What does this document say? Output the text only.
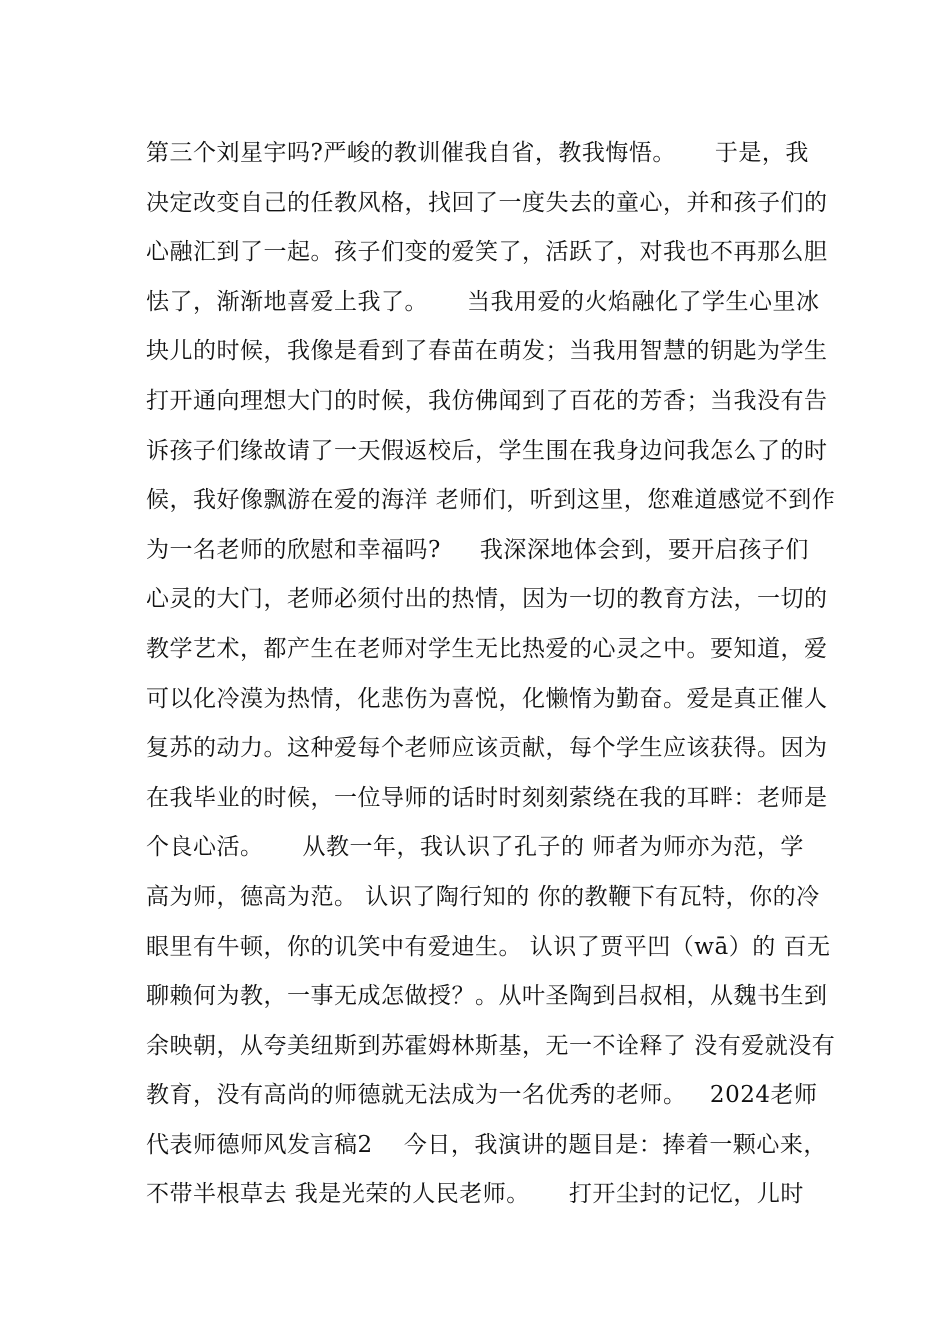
第三个刘星宇吗?严峻的教训催我自省，教我悔悟。     于是，我
决定改变自己的任教风格，找回了一度失去的童心，并和孩子们的
心融汇到了一起。孩子们变的爱笑了，活跃了，对我也不再那么胆
怯了，渐渐地喜爱上我了。     当我用爱的火焰融化了学生心里冰
块儿的时候，我像是看到了春苗在萌发；当我用智慧的钥匙为学生
打开通向理想大门的时候，我仿佛闻到了百花的芳香；当我没有告
诉孩子们缘故请了一天假返校后，学生围在我身边问我怎么了的时
候，我好像飘游在爱的海洋 老师们，听到这里，您难道感觉不到作
为一名老师的欣慰和幸福吗?     我深深地体会到，要开启孩子们
心灵的大门，老师必须付出的热情，因为一切的教育方法，一切的
教学艺术，都产生在老师对学生无比热爱的心灵之中。要知道，爱
可以化冷漠为热情，化悲伤为喜悦，化懒惰为勤奋。爱是真正催人
复苏的动力。这种爱每个老师应该贡献，每个学生应该获得。因为
在我毕业的时候，一位导师的话时时刻刻萦绕在我的耳畔：老师是
个良心活。     从教一年，我认识了孔子的 师者为师亦为范，学
高为师，德高为范。 认识了陶行知的 你的教鞭下有瓦特，你的冷
眼里有牛顿，你的讥笑中有爱迪生。 认识了贾平凹（wā）的 百无
聊赖何为教，一事无成怎做授？。从叶圣陶到吕叔相，从魏书生到
余映朝，从夸美纽斯到苏霍姆林斯基，无一不诠释了 没有爱就没有
教育，没有高尚的师德就无法成为一名优秀的老师。   2024老师
代表师德师风发言稿2    今日，我演讲的题目是：捧着一颗心来，
不带半根草去 我是光荣的人民老师。     打开尘封的记忆，儿时
